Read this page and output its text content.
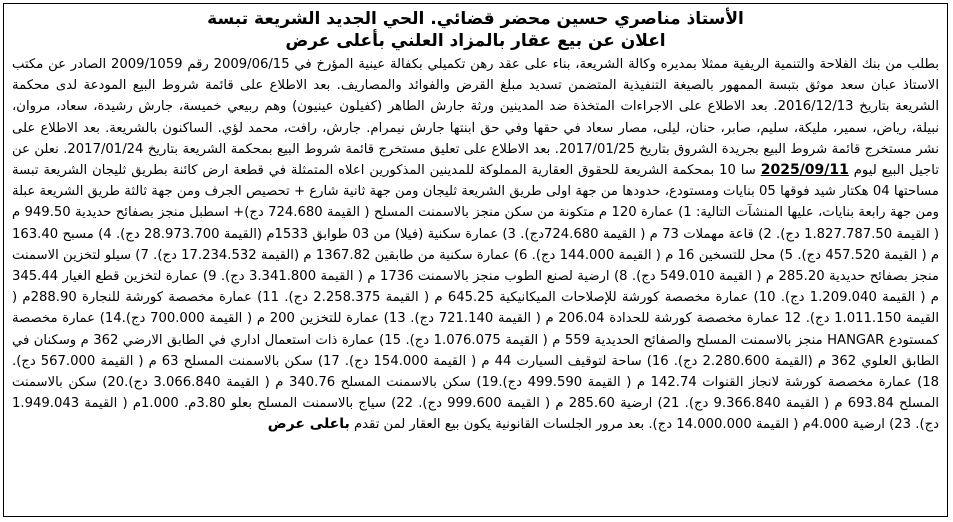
الأستاذ مناصري حسين محضر قضائي. الحي الجديد الشريعة تبسة
اعلان عن بيع عقار بالمزاد العلني بأعلى عرض
بطلب من بنك الفلاحة والتنمية الريفية ممثلا بمديره وكالة الشريعة، بناء على عقد رهن تكميلي بكفالة عينية المؤرخ في 2009/06/15 رقم 2009/1059 الصادر عن مكتب الاستاذ عبان سعد موثق بتبسة الممهور بالصيغة التنفيذية المتضمن تسديد مبلغ القرض والفوائد والمصاريف. بعد الاطلاع على قائمة شروط البيع المودعة لدى محكمة الشريعة بتاريخ 2016/12/13. بعد الاطلاع على الاجراءات المتخذة ضد المدينين ورثة جارش الطاهر (كفيلون عينيون) وهم ربيعي خميسة، جارش رشيدة، سعاد، مروان، نبيلة، رياض، سمير، مليكة، سليم، صابر، حنان، ليلى، مصار سعاد في حقها وفي حق ابنتها جارش نيمرام. جارش، رافت، محمد لؤي. الساكنون بالشريعة. بعد الاطلاع على نشر مستخرج قائمة شروط البيع بجريدة الشروق بتاريخ 2017/01/25. بعد الاطلاع على تعليق مستخرج قائمة شروط البيع بمحكمة الشريعة بتاريخ 2017/01/24. نعلن عن تاجيل البيع ليوم 2025/09/11 سا 10 بمحكمة الشريعة للحقوق العقارية المملوكة للمدينين المذكورين اعلاه المتمثلة في قطعة ارض كائنة بطريق ثليجان الشريعة تبسة مساحتها 04 هكتار شيد فوقها 05 بنايات ومستودع، حدودها من جهة اولى طريق الشريعة ثليجان ومن جهة ثانية شارع + تحصيص الجرف ومن جهة ثالثة طريق الشريعة عبلة ومن جهة رابعة بنايات، عليها المنشآت التالية: 1) عمارة 120 م متكونة من سكن منجز بالاسمنت المسلح ( القيمة 724.680 دج)+ اسطبل منجز بصفائح حديدية 949.50 م ( القيمة 1.827.787.50 دج). 2) قاعة مهملات 73 م ( القيمة 724.680دج). 3) عمارة سكنية (فيلا) من 03 طوابق 1533م (القيمة 28.973.700 دج). 4) مسبح 163.40 م ( القيمة 457.520 دج). 5) محل للتسخين 16 م ( القيمة 144.000 دج). 6) عمارة سكنية من طابقين 1367.82 م (القيمة 17.234.532 دج). 7) سيلو لتخزين الاسمنت منجز بصفائح حديدية 285.20 م ( القيمة 549.010 دج). 8) ارضية لصنع الطوب منجز بالاسمنت 1736 م ( القيمة 3.341.800 دج). 9) عمارة لتخزين قطع الغيار 345.44 م ( القيمة 1.209.040 دج). 10) عمارة مخصصة كورشة للإصلاحات الميكانيكية 645.25 م ( القيمة 2.258.375 دج). 11) عمارة مخصصة كورشة للنجارة 288.90م ( القيمة 1.011.150 دج). 12 عمارة مخصصة كورشة للحدادة 206.04 م ( القيمة 721.140 دج). 13) عمارة للتخزين 200 م ( القيمة 700.000 دج).14) عمارة مخصصة كمستودع HANGAR منجز بالاسمنت المسلح والصفائح الحديدية 559 م ( القيمة 1.076.075 دج). 15) عمارة ذات استعمال اداري في الطابق الارضي 362 م وسكنان في الطابق العلوي 362 م (القيمة 2.280.600 دج). 16) ساحة لتوقيف السيارت 44 م ( القيمة 154.000 دج). 17) سكن بالاسمنت المسلح 63 م ( القيمة 567.000 دج). 18) عمارة مخصصة كورشة لانجاز القنوات 142.74 م ( القيمة 499.590 دج).19) سكن بالاسمنت المسلح 340.76 م ( القيمة 3.066.840 دج).20) سكن بالاسمنت المسلح 693.84 م ( القيمة 9.366.840 دج). 21) ارضية 285.60 م ( القيمة 999.600 دج). 22) سياج بالاسمنت المسلح بعلو 3.80م. 1.000م ( القيمة 1.949.043 دج). 23) ارضية 4.000م ( القيمة 14.000.000 دج). بعد مرور الجلسات القانونية يكون بيع العقار لمن تقدم باعلى عرض
